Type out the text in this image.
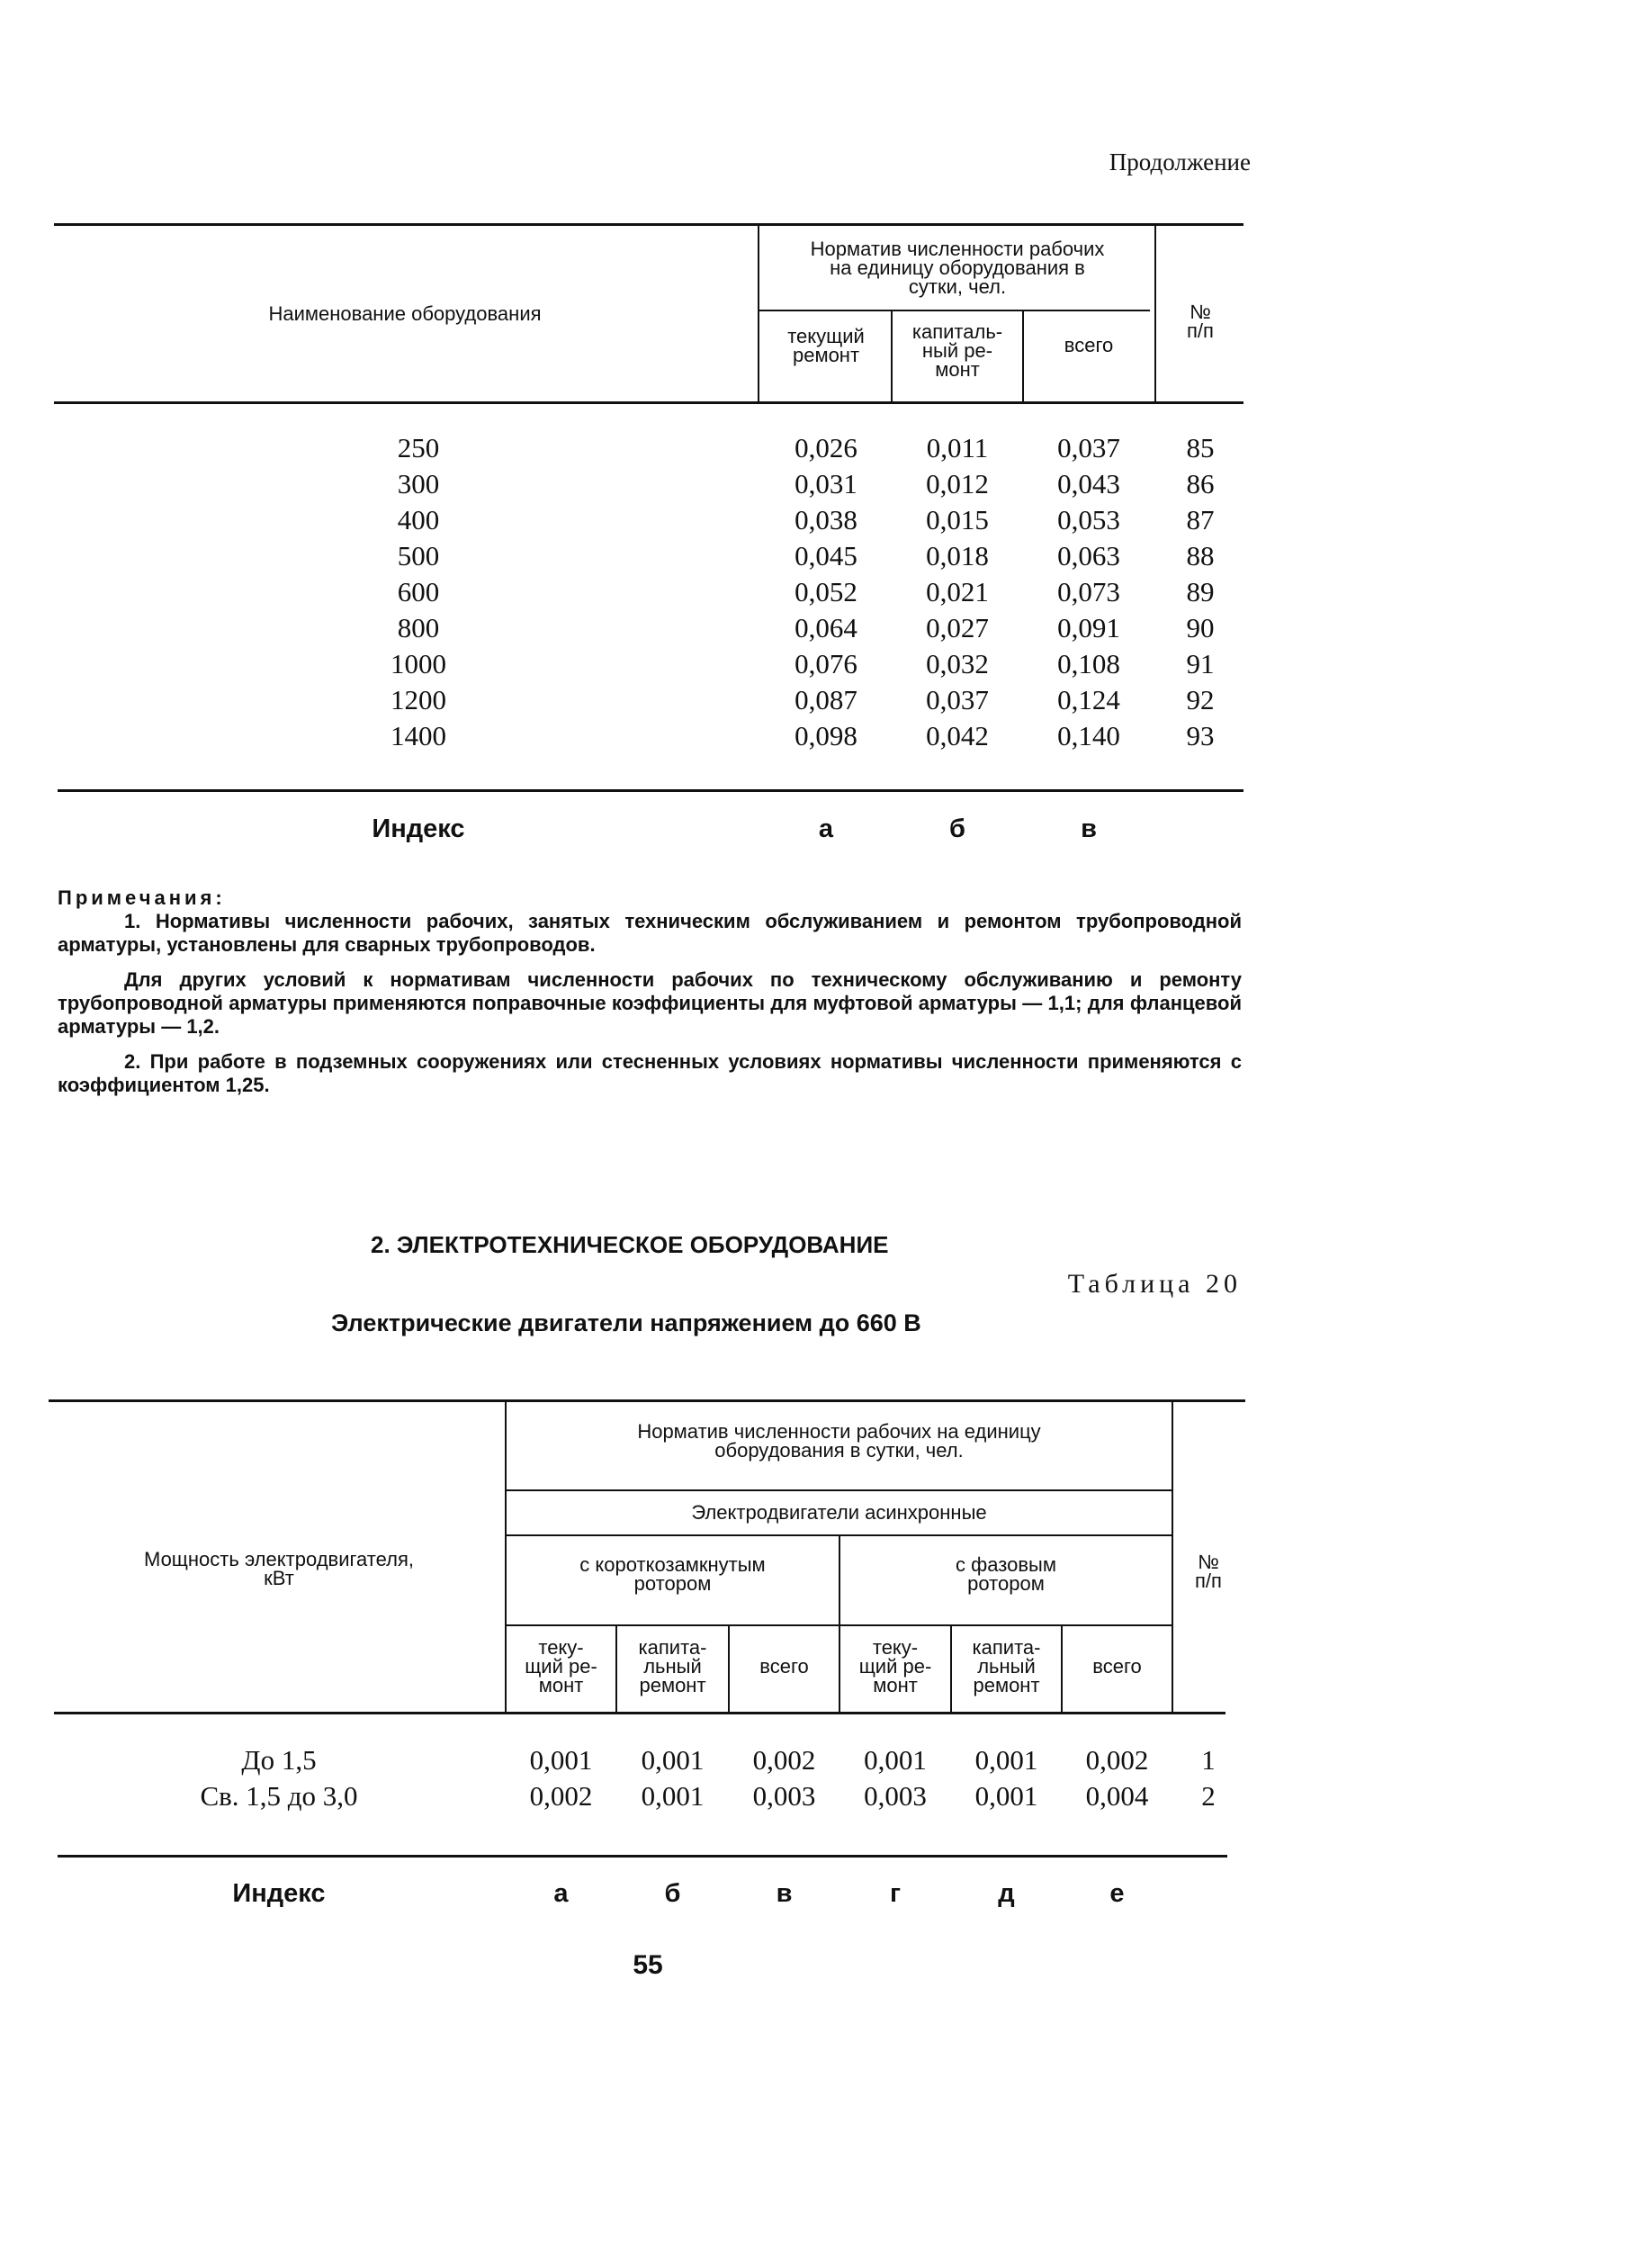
Продолжение
Наименование оборудования
Норматив численности рабочих
на единицу оборудования в
сутки, чел.
текущий
ремонт
капиталь-
ный ре-
монт
всего
№
п/п
250	0,026	0,011	0,037	85
300	0,031	0,012	0,043	86
400	0,038	0,015	0,053	87
500	0,045	0,018	0,063	88
600	0,052	0,021	0,073	89
800	0,064	0,027	0,091	90
1000	0,076	0,032	0,108	91
1200	0,087	0,037	0,124	92
1400	0,098	0,042	0,140	93
Индекс	а	б	в
Примечания:
1. Нормативы численности рабочих, занятых техническим обслуживанием и ремонтом трубопроводной арматуры, установлены для сварных трубопроводов.
Для других условий к нормативам численности рабочих по техническому обслуживанию и ремонту трубопроводной арматуры применяются поправочные коэффициенты для муфтовой арматуры — 1,1; для фланцевой арматуры — 1,2.
2. При работе в подземных сооружениях или стесненных условиях нормативы численности применяются с коэффициентом 1,25.
2. ЭЛЕКТРОТЕХНИЧЕСКОЕ ОБОРУДОВАНИЕ
Таблица 20
Электрические двигатели напряжением до 660 В
Мощность электродвигателя,
кВт
Норматив численности рабочих на единицу
оборудования в сутки, чел.
Электродвигатели асинхронные
с короткозамкнутым
ротором
с фазовым
ротором
№
п/п
теку-
щий ре-
монт
капита-
льный
ремонт
всего
теку-
щий ре-
монт
капита-
льный
ремонт
всего
До 1,5	0,001	0,001	0,002	0,001	0,001	0,002	1
Св. 1,5 до 3,0	0,002	0,001	0,003	0,003	0,001	0,004	2
Индекс	а	б	в	г	д	е
55
